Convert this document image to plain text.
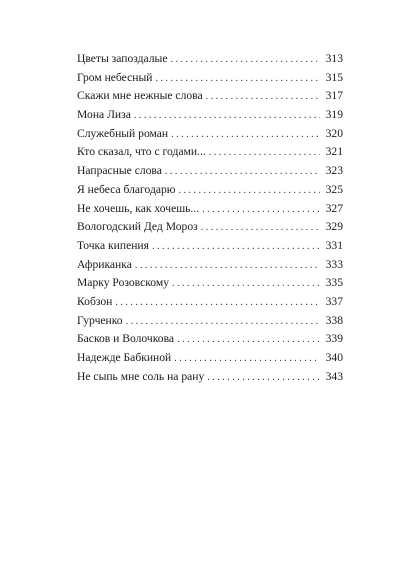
Цветы запоздалые . . .	313
Гром небесный . . .	315
Скажи мне нежные слова . . .	317
Мона Лиза . . .	319
Служебный роман . . .	320
Кто сказал, что с годами... . . .	321
Напрасные слова . . .	323
Я небеса благодарю . . .	325
Не хочешь, как хочешь... . . .	327
Вологодский Дед Мороз . . .	329
Точка кипения . . .	331
Африканка . . .	333
Марку Розовскому . . .	335
Кобзон . . .	337
Гурченко . . .	338
Басков и Волочкова . . .	339
Надежде Бабкиной . . .	340
Не сыпь мне соль на рану . . .	343
